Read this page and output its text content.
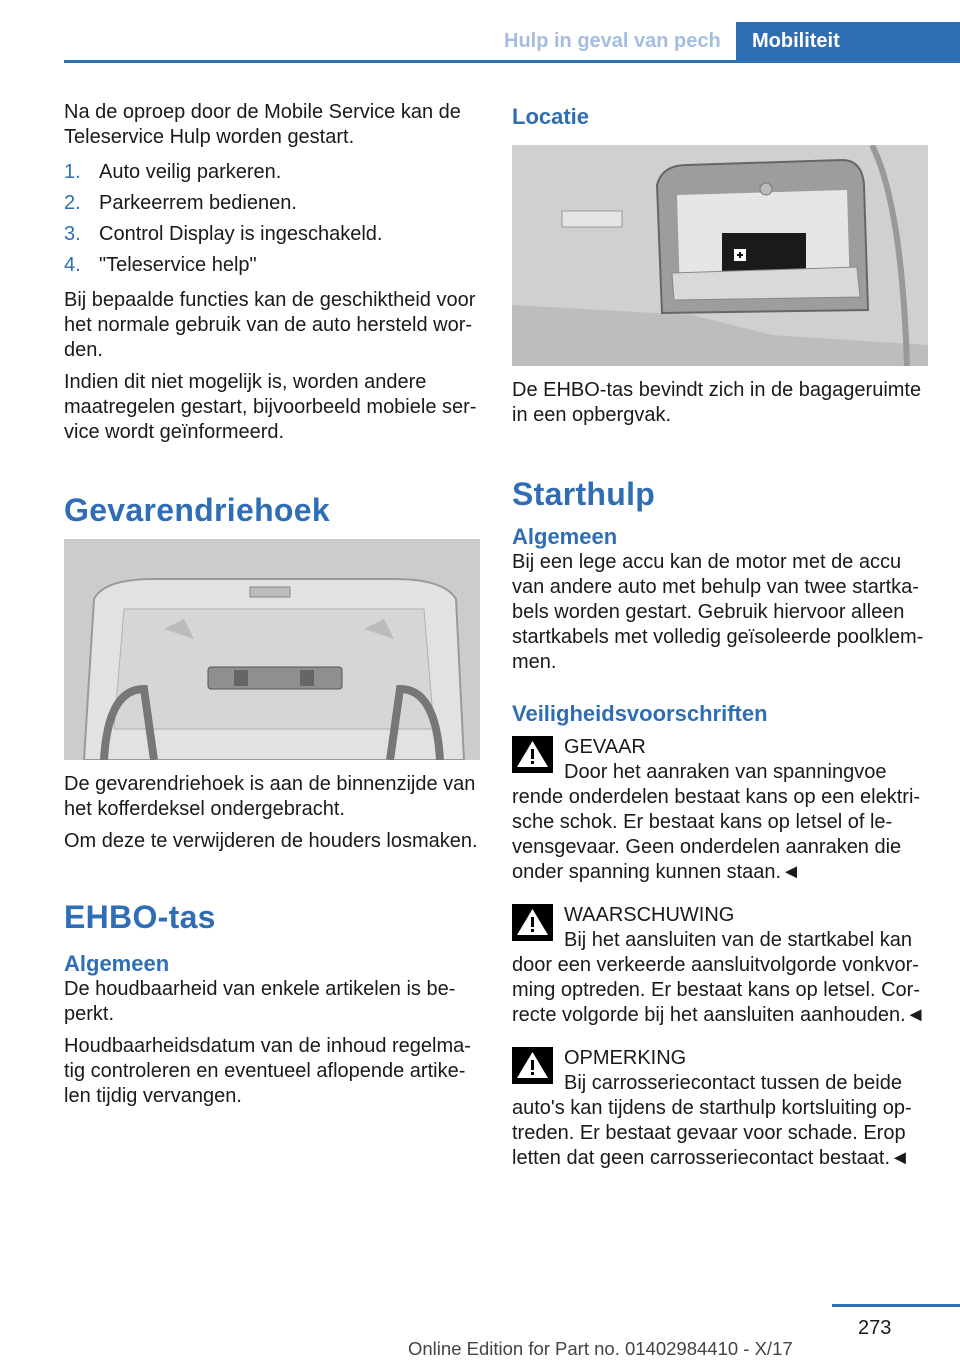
Hulp in geval van pech	Mobiliteit

Na de oproep door de Mobile Service kan de Teleservice Hulp worden gestart.

1. Auto veilig parkeren.
2. Parkeerrem bedienen.
3. Control Display is ingeschakeld.
4. "Teleservice help"

Bij bepaalde functies kan de geschiktheid voor het normale gebruik van de auto hersteld worden.

Indien dit niet mogelijk is, worden andere maatregelen gestart, bijvoorbeeld mobiele service wordt geïnformeerd.

Gevarendriehoek

De gevarendriehoek is aan de binnenzijde van het kofferdeksel ondergebracht.

Om deze te verwijderen de houders losmaken.

EHBO-tas
Algemeen

De houdbaarheid van enkele artikelen is beperkt.

Houdbaarheidsdatum van de inhoud regelmatig controleren en eventueel aflopende artikelen tijdig vervangen.

Locatie

De EHBO-tas bevindt zich in de bagageruimte in een opbergvak.

Starthulp
Algemeen

Bij een lege accu kan de motor met de accu van andere auto met behulp van twee startkabels worden gestart. Gebruik hiervoor alleen startkabels met volledig geïsoleerde poolklemmen.

Veiligheidsvoorschriften
GEVAAR
Door het aanraken van spanningvoe

rende onderdelen bestaat kans op een elektrische schok. Er bestaat kans op letsel of levensgevaar. Geen onderdelen aanraken die onder spanning kunnen staan.◄

WAARSCHUWING
Bij het aansluiten van de startkabel kan

door een verkeerde aansluitvolgorde vonkvorming optreden. Er bestaat kans op letsel. Correcte volgorde bij het aansluiten aanhouden.◄

OPMERKING
Bij carrosseriecontact tussen de beide

auto's kan tijdens de starthulp kortsluiting optreden. Er bestaat gevaar voor schade. Erop letten dat geen carrosseriecontact bestaat.◄

273
Online Edition for Part no. 01402984410 - X/17
